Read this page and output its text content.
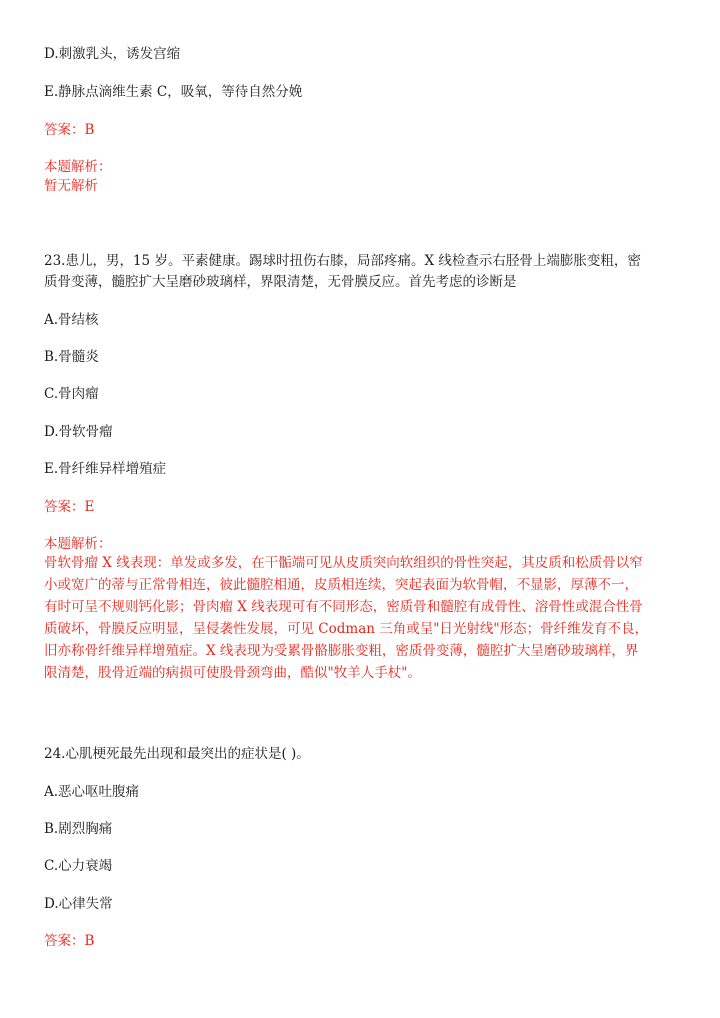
D.刺激乳头，诱发宫缩
E.静脉点滴维生素 C，吸氧，等待自然分娩
答案：B
本题解析：
暂无解析
23.患儿，男，15 岁。平素健康。踢球时扭伤右膝，局部疼痛。X 线检查示右胫骨上端膨胀变粗，密
质骨变薄，髓腔扩大呈磨砂玻璃样，界限清楚，无骨膜反应。首先考虑的诊断是
A.骨结核
B.骨髓炎
C.骨肉瘤
D.骨软骨瘤
E.骨纤维异样增殖症
答案：E
本题解析：
骨软骨瘤 X 线表现：单发或多发，在干骺端可见从皮质突向软组织的骨性突起，其皮质和松质骨以窄
小或宽广的蒂与正常骨相连，彼此髓腔相通，皮质相连续，突起表面为软骨帽，不显影，厚薄不一，
有时可呈不规则钙化影；骨肉瘤 X 线表现可有不同形态，密质骨和髓腔有成骨性、溶骨性或混合性骨
质破坏，骨膜反应明显，呈侵袭性发展，可见 Codman 三角或呈"日光射线"形态；骨纤维发育不良，
旧亦称骨纤维异样增殖症。X 线表现为受累骨骼膨胀变粗，密质骨变薄，髓腔扩大呈磨砂玻璃样，界
限清楚，股骨近端的病损可使股骨颈弯曲，酷似"牧羊人手杖"。
24.心肌梗死最先出现和最突出的症状是( )。
A.恶心呕吐腹痛
B.剧烈胸痛
C.心力衰竭
D.心律失常
答案：B
